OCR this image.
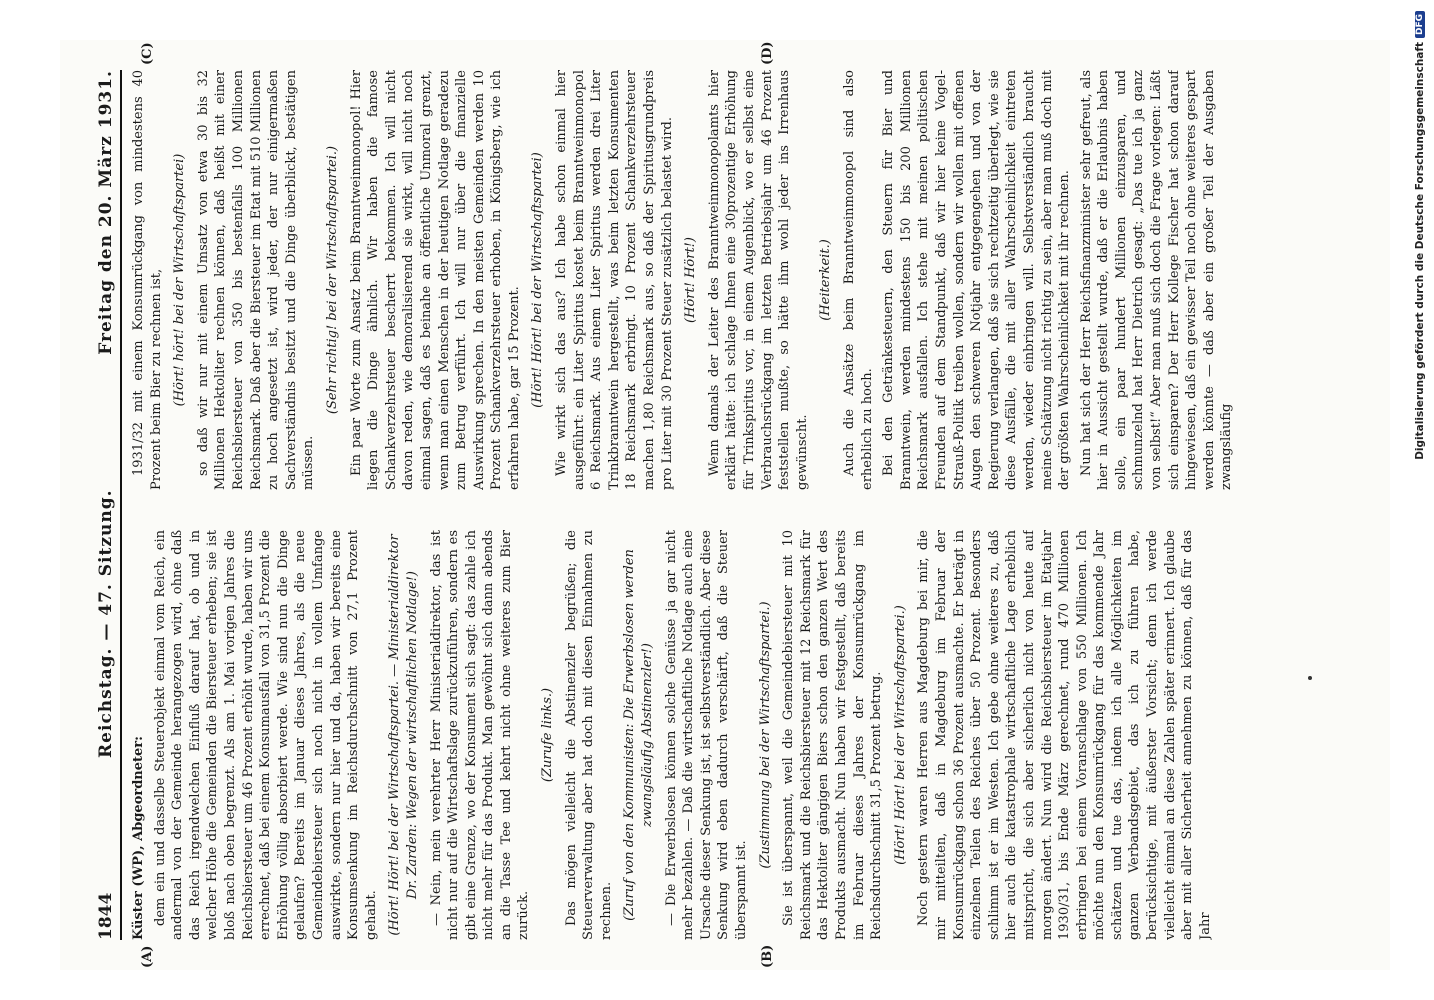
1844
Reichstag. — 47. Sitzung.
Freitag den 20. März 1931.
(A)	(B)
(C)	(D)

Küster (WP), Abgeordneter: dem ein und dasselbe Steuerobjekt einmal vom Reich, ein andermal von der Gemeinde herangezogen wird, ohne daß das Reich irgendwelchen Einfluß darauf hat, ob und in welcher Höhe die Gemeinden die Biersteuer erheben; sie ist bloß nach oben begrenzt. Als am 1. Mai vorigen Jahres die Reichsbiersteuer um 46 Prozent erhöht wurde, haben wir uns errechnet, daß bei einem Konsumausfall von 31,5 Prozent die Erhöhung völlig absorbiert werde. Wie sind nun die Dinge gelaufen? Bereits im Januar dieses Jahres, als die neue Gemeindebiersteuer sich noch nicht in vollem Umfange auswirkte, sondern nur hier und da, haben wir bereits eine Konsumsenkung im Reichsdurchschnitt von 27,1 Prozent gehabt. (Hört! Hört! bei der Wirtschaftspartei. — Ministerialdirektor Dr. Zarden: Wegen der wirtschaftlichen Notlage!) — Nein, mein verehrter Herr Ministerialdirektor, das ist nicht nur auf die Wirtschaftslage zurückzuführen, sondern es gibt eine Grenze, wo der Konsument sich sagt: das zahle ich nicht mehr für das Produkt. Man gewöhnt sich dann abends an die Tasse Tee und kehrt nicht ohne weiteres zum Bier zurück.

(Zurufe links.) Das mögen vielleicht die Abstinenzler begrüßen; die Steuerverwaltung aber hat doch mit diesen Einnahmen zu rechnen. (Zuruf von den Kommunisten: Die Erwerbslosen werden zwangsläufig Abstinenzler!) — Die Erwerbslosen können solche Genüsse ja gar nicht mehr bezahlen. — Daß die wirtschaftliche Notlage auch eine Ursache dieser Senkung ist, ist selbstverständlich. Aber diese Senkung wird eben dadurch verschärft, daß die Steuer überspannt ist.

(Zustimmung bei der Wirtschaftspartei.) Sie ist überspannt, weil die Gemeindebiersteuer mit 10 Reichsmark und die Reichsbiersteuer mit 12 Reichsmark für das Hektoliter gängigen Biers schon den ganzen Wert des Produkts ausmacht. Nun haben wir festgestellt, daß bereits im Februar dieses Jahres der Konsumrückgang im Reichsdurchschnitt 31,5 Prozent betrug. (Hört! Hört! bei der Wirtschaftspartei.) Noch gestern waren Herren aus Magdeburg bei mir, die mir mitteilten, daß in Magdeburg im Februar der Konsumrückgang schon 36 Prozent ausmachte. Er beträgt in einzelnen Teilen des Reiches über 50 Prozent. Besonders schlimm ist er im Westen. Ich gebe ohne weiteres zu, daß hier auch die katastrophale wirtschaftliche Lage erheblich mitspricht, die sich aber sicherlich nicht von heute auf morgen ändert. Nun wird die Reichsbiersteuer im Etatjahr 1930/31, bis Ende März gerechnet, rund 470 Millionen erbringen bei einem Voranschlage von 550 Millionen. Ich möchte nun den Konsumrückgang für das kommende Jahr schätzen und tue das, indem ich alle Möglichkeiten im ganzen Verbandsgebiet, das ich zu führen habe, berücksichtige, mit äußerster Vorsicht; denn ich werde vielleicht einmal an diese Zahlen später erinnert. Ich glaube aber mit aller Sicherheit annehmen zu können, daß für das Jahr

1931/32 mit einem Konsumrückgang von mindestens 40 Prozent beim Bier zu rechnen ist, (Hört! hört! bei der Wirtschaftspartei) so daß wir nur mit einem Umsatz von etwa 30 bis 32 Millionen Hektoliter rechnen können, daß heißt mit einer Reichsbiersteuer von 350 bis bestenfalls 100 Millionen Reichsmark. Daß aber die Biersteuer im Etat mit 510 Millionen zu hoch angesetzt ist, wird jeder, der nur einigermaßen Sachverständnis besitzt und die Dinge überblickt, bestätigen müssen.

(Sehr richtig! bei der Wirtschaftspartei.) Ein paar Worte zum Ansatz beim Branntweinmonopol! Hier liegen die Dinge ähnlich. Wir haben die famose Schankverzehrsteuer bescherrt bekommen. Ich will nicht davon reden, wie demoralisierend sie wirkt, will nicht noch einmal sagen, daß es beinahe an öffentliche Unmoral grenzt, wenn man einen Menschen in der heutigen Notlage geradezu zum Betrug verführt. Ich will nur über die finanzielle Auswirkung sprechen. In den meisten Gemeinden werden 10 Prozent Schankverzehrsteuer erhoben, in Königsberg, wie ich erfahren habe, gar 15 Prozent. (Hört! Hört! bei der Wirtschaftspartei) Wie wirkt sich das aus? Ich habe schon einmal hier ausgeführt: ein Liter Spiritus kostet beim Branntweinmonopol 6 Reichsmark. Aus einem Liter Spiritus werden drei Liter Trinkbranntwein hergestellt, was beim letzten Konsumenten 18 Reichsmark erbringt. 10 Prozent Schankverzehrsteuer machen 1,80 Reichsmark aus, so daß der Spiritusgrundpreis pro Liter mit 30 Prozent Steuer zusätzlich belastet wird. (Hört! Hört!) Wenn damals der Leiter des Branntweinmonopolamts hier erklärt hätte: ich schlage Ihnen eine 30prozentige Erhöhung für Trinkspiritus vor, in einem Augenblick, wo er selbst eine Verbrauchsrückgang im letzten Betriebsjahr um 46 Prozent feststellen mußte, so hätte ihm wohl jeder ins Irrenhaus gewünscht.

(Heiterkeit.) Auch die Ansätze beim Branntweinmonopol sind also erheblich zu hoch. Bei den Getränkesteuern, den Steuern für Bier und Branntwein, werden mindestens 150 bis 200 Millionen Reichsmark ausfallen. Ich stehe mit meinen politischen Freunden auf dem Standpunkt, daß wir hier keine Vogel-Strauß-Politik treiben wollen, sondern wir wollen mit offenen Augen den schweren Notjahr entgegengehen und von der Regierung verlangen, daß sie sich rechtzeitig überlegt, wie sie diese Ausfälle, die mit aller Wahrscheinlichkeit eintreten werden, wieder einbringen will. Selbstverständlich braucht meine Schätzung nicht richtig zu sein, aber man muß doch mit der größten Wahrscheinlichkeit mit ihr rechnen. Nun hat sich der Herr Reichsfinanzminister sehr gefreut, als hier in Aussicht gestellt wurde, daß er die Erlaubnis haben solle, ein paar hundert Millionen einzusparen, und schmunzelnd hat Herr Dietrich gesagt: „Das tue ich ja ganz von selbst!“ Aber man muß sich doch die Frage vorlegen: Läßt sich einsparen? Der Herr Kollege Fischer hat schon darauf hingewiesen, daß ein gewisser Teil noch ohne weiteres gespart werden könnte — daß aber ein großer Teil der Ausgaben zwangsläufig	Digitalisierung gefördert durch die Deutsche Forschungsgemeinschaft
DFG
